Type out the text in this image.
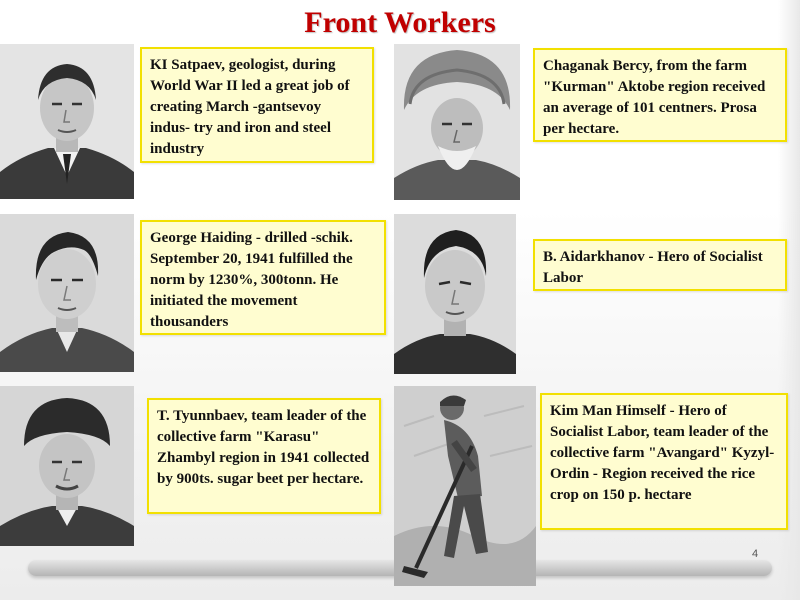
Front Workers
KI Satpaev, geologist, during World War II led a great job of creating March -gantsevoy indus- try and iron and steel industry
George Haiding - drilled -schik. September 20, 1941 fulfilled the norm by 1230%, 300tonn. He initiated the movement thousanders
T. Tyunnbaev, team leader of the collective farm "Karasu" Zhambyl region in 1941 collected by 900ts. sugar beet per hectare.
Chaganak Bercy, from the farm "Kurman" Aktobe region received an average of 101 centners. Prosa per hectare.
B. Aidarkhanov - Hero of Socialist Labor
Kim Man Himself - Hero of Socialist Labor, team leader of the collective farm "Avangard" Kyzyl-Ordin - Region received the rice crop on 150 p. hectare
4
